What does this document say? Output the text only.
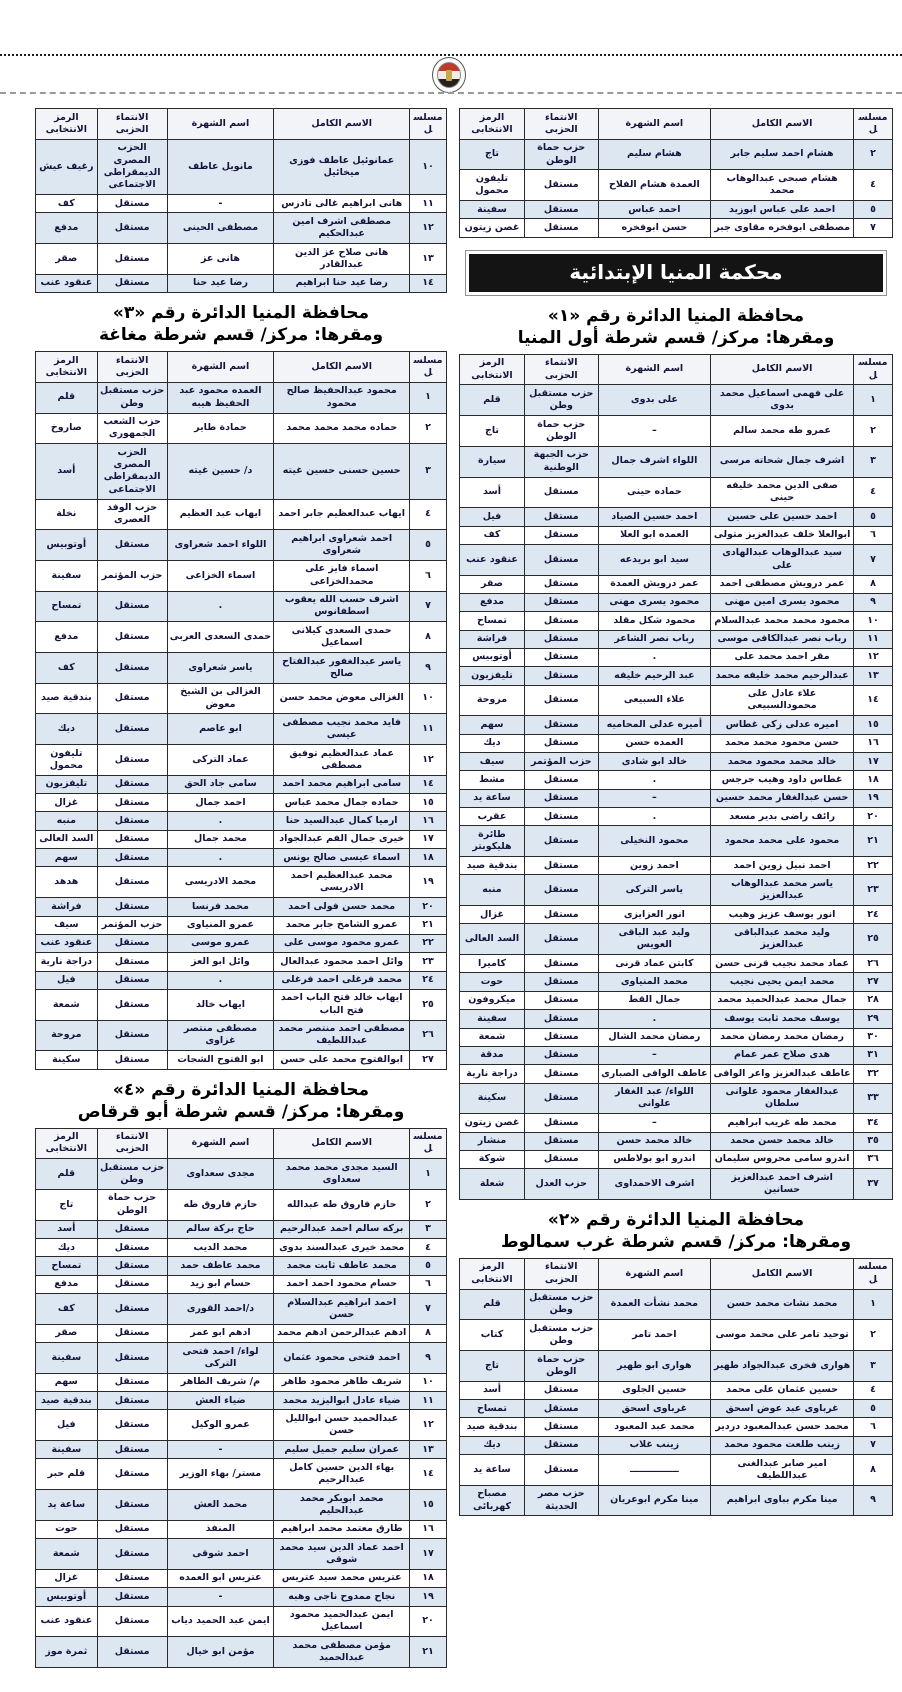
مسلسل	الاسم الكامل	اسم الشهرة	الانتماء الحزبى	الرمز الانتخابى
٢	هشام احمد سليم جابر	هشام سليم	حزب حماة الوطن	تاج
٤	هشام صبحى عبدالوهاب محمد	العمدة هشام الفلاح	مستقل	تليفون محمول
٥	احمد على عباس ابوزيد	احمد عباس	مستقل	سفينة
٧	مصطفى ابوفخره مقاوى جبر	حسن ابوفخره	مستقل	غصن زيتون
محكمة المنيا الإبتدائية
محافظة المنيا الدائرة رقم «١»
ومقرها: مركز/ قسم شرطة أول المنيا
مسلسل	الاسم الكامل	اسم الشهرة	الانتماء الحزبى	الرمز الانتخابى
١	على فهمى اسماعيل محمد بدوى	على بدوى	حزب مستقبل وطن	قلم
٢	عمرو طه محمد سالم	–	حزب حماة الوطن	تاج
٣	اشرف جمال شحاته مرسى	اللواء اشرف جمال	حزب الجبهة الوطنية	سيارة
٤	صفى الدين محمد خليفه حينى	حماده حينى	مستقل	أسد
٥	احمد حسين على حسين	احمد حسين الصياد	مستقل	فيل
٦	ابوالعلا خلف عبدالعزيز متولى	العمده ابو العلا	مستقل	كف
٧	سيد عبدالوهاب عبدالهادى على	سيد ابو بريدعه	مستقل	عنقود عنب
٨	عمر درويش مصطفى احمد	عمر درويش العمدة	مستقل	صقر
٩	محمود يسرى امين مهنى	محمود يسرى مهنى	مستقل	مدفع
١٠	محمود محمد محمد عبدالسلام	محمود شكل مقلد	مستقل	تمساح
١١	رباب نصر عبدالكافى موسى	رباب نصر الشاعر	مستقل	فراشة
١٢	مقر احمد محمد على	.	مستقل	أوتوبيس
١٣	عبدالرحيم محمد خليفه محمد	عبد الرحيم خليفه	مستقل	تليفزيون
١٤	علاء عادل على محمودالسبيعى	علاء السبيعى	مستقل	مروحة
١٥	اميره عدلى زكى غطاس	أميره عدلى المحاميه	مستقل	سهم
١٦	حسن محمود محمد محمد	العمده حسن	مستقل	ديك
١٧	خالد محمد محمود محمد	خالد ابو شادى	حزب المؤتمر	سيف
١٨	غطاس داود وهيب جرجس	.	مستقل	مشط
١٩	حسن عبدالغفار محمد حسين	–	مستقل	ساعة يد
٢٠	رائف راضى بدير مسعد	.	مستقل	عقرب
٢١	محمود على محمد محمود	محمود النخيلى	مستقل	طائرة هليكوبتر
٢٢	احمد نبيل زوين احمد	احمد زوين	مستقل	بندقية صيد
٢٣	ياسر محمد عبدالوهاب عبدالعزيز	ياسر التركى	مستقل	منبه
٢٤	انور يوسف عزيز وهيب	انور العزايزى	مستقل	غزال
٢٥	وليد محمد عبدالباقى عبدالعزيز	وليد عبد الباقى العويس	مستقل	السد العالى
٢٦	عماد محمد نجيب قرنى حسن	كابتن عماد قرنى	مستقل	كاميرا
٢٧	محمد ايمن يحيى نجيب	محمد المنياوى	مستقل	حوت
٢٨	جمال محمد عبدالحميد محمد	جمال القط	مستقل	ميكروفون
٢٩	يوسف محمد ثابت يوسف	.	مستقل	سفينة
٣٠	رمضان محمد رمضان محمد	رمضان محمد الشال	مستقل	شمعة
٣١	هدى صلاح عمر عمام	–	مستقل	مدقة
٣٢	عاطف عبدالعزيز واعر الوافى	عاطف الوافى الصبارى	مستقل	دراجة نارية
٣٣	عبدالغفار محمود علوانى سلطان	اللواء/ عبد الغفار علوانى	مستقل	سكينة
٣٤	محمد طه غريب ابراهيم	–	مستقل	غصن زيتون
٣٥	خالد محمد حسن محمد	خالد محمد حسن	مستقل	منشار
٣٦	اندرو سامى محروس سليمان	اندرو ابو بولاطس	مستقل	شوكة
٣٧	اشرف احمد عبدالعزيز حسانين	اشرف الاحمداوى	حزب العدل	شعلة
محافظة المنيا الدائرة رقم «٢»
ومقرها: مركز/ قسم شرطة غرب سمالوط
مسلسل	الاسم الكامل	اسم الشهرة	الانتماء الحزبى	الرمز الانتخابى
١	محمد نشات محمد حسن	محمد نشأت العمدة	حزب مستقبل وطن	قلم
٢	توحيد تامر على محمد موسى	احمد تامر	حزب مستقبل وطن	كتاب
٣	هوارى فخرى عبدالجواد طهير	هوارى ابو طهير	حزب حماة الوطن	تاج
٤	حسين عثمان على محمد	حسين الجلوى	مستقل	أسد
٥	غرباوى عبد عوض اسحق	غرباوى اسحق	مستقل	تمساح
٦	محمد حسن عبدالمعبود دردير	محمد عبد المعبود	مستقل	بندقية صيد
٧	زينب طلعت محمود محمد	زينب غلاب	مستقل	ديك
٨	امير صابر عبدالغنى عبداللطيف	ـــــــــــــــ	مستقل	ساعة يد
٩	مينا مكرم بباوى ابراهيم	مينا مكرم ابوعريان	حزب مصر الحديثة	مصباح كهربائى
مسلسل	الاسم الكامل	اسم الشهرة	الانتماء الحزبى	الرمز الانتخابى
١٠	عمانوئيل عاطف فوزى ميخائيل	مانويل عاطف	الحزب المصرى الديمقراطى الاجتماعى	رغيف عيش
١١	هانى ابراهيم غالى تادرس	-	مستقل	كف
١٢	مصطفى اشرف امين عبدالحكيم	مصطفى الحينى	مستقل	مدفع
١٣	هانى صلاح عز الدين عبدالقادر	هانى عز	مستقل	صقر
١٤	رضا عيد حنا ابراهيم	رضا عيد حنا	مستقل	عنقود عنب
محافظة المنيا الدائرة رقم «٣»
ومقرها: مركز/ قسم شرطة مغاغة
مسلسل	الاسم الكامل	اسم الشهرة	الانتماء الحزبى	الرمز الانتخابى
١	محمود عبدالحفيظ صالح محمود	العمده محمود عبد الحفيظ هيبه	حزب مستقبل وطن	قلم
٢	حماده محمد محمد محمد	حمادة طاير	حزب الشعب الجمهورى	صاروخ
٣	حسين حسنى حسين غيته	د/ حسين غيته	الحزب المصرى الديمقراطى الاجتماعى	أسد
٤	ايهاب عبدالعظيم جابر احمد	ايهاب عبد العظيم	حزب الوفد العصرى	نخلة
٥	احمد شعراوى ابراهيم شعراوى	اللواء احمد شعراوى	مستقل	أوتوبيس
٦	اسماء فايز على محمدالخزاعى	اسماء الخزاعى	حزب المؤتمر	سفينة
٧	اشرف حسب الله يعقوب اسطفانوس	.	مستقل	تمساح
٨	حمدى السعدى كيلانى اسماعيل	حمدى السعدى العربى	مستقل	مدفع
٩	ياسر عبدالغفور عبدالفتاح صالح	ياسر شعراوى	مستقل	كف
١٠	الغزالى معوض محمد حسن	الغزالى بن الشيخ معوض	مستقل	بندقية صيد
١١	فايد محمد نجيب مصطفى عيسى	ابو عاصم	مستقل	ديك
١٢	عماد عبدالعظيم توفيق مصطفى	عماد التركى	مستقل	تليفون محمول
١٤	سامى ابراهيم محمد احمد	سامى جاد الحق	مستقل	تليفزيون
١٥	حماده جمال محمد عباس	احمد جمال	مستقل	غزال
١٦	ارميا كمال عبدالسيد حنا	.	مستقل	منبه
١٧	خيرى جمال الفم عبدالجواد	محمد جمال	مستقل	السد العالى
١٨	اسماء عيسى صالح يونس	.	مستقل	سهم
١٩	محمد عبدالعظيم احمد الادريسى	محمد الادريسى	مستقل	هدهد
٢٠	محمد حسن فولى احمد	محمد فرنسا	مستقل	فراشة
٢١	عمرو الشامخ جابر محمد	عمرو المنياوى	حزب المؤتمر	سيف
٢٢	عمرو محمود موسى على	عمرو موسى	مستقل	عنقود عنب
٢٣	وائل احمد محمود عبدالعال	وائل ابو العز	مستقل	دراجة نارية
٢٤	محمد فرغلى احمد فرغلى	.	مستقل	فيل
٢٥	ايهاب خالد فتح الباب احمد فتح الباب	ايهاب خالد	مستقل	شمعة
٢٦	مصطفى احمد منتصر محمد عبداللطيف	مصطفى منتصر غزاوى	مستقل	مروحة
٢٧	ابوالفتوح محمد على حسن	ابو الفتوح الشحات	مستقل	سكينة
محافظة المنيا الدائرة رقم «٤»
ومقرها: مركز/ قسم شرطة أبو قرقاص
مسلسل	الاسم الكامل	اسم الشهرة	الانتماء الحزبى	الرمز الانتخابى
١	السيد مجدى محمد محمد سعداوى	مجدى سعداوى	حزب مستقبل وطن	قلم
٢	حازم فاروق طه عبدالله	حازم فاروق طه	حزب حماة الوطن	تاج
٣	بركه سالم احمد عبدالرحيم	حاج بركة سالم	مستقل	أسد
٤	محمد خيرى عبدالسند بدوى	محمد الديب	مستقل	ديك
٥	محمد عاطف ثابت محمد	محمد عاطف حمد	مستقل	تمساح
٦	حسام محمود احمد احمد	حسام ابو زيد	مستقل	مدفع
٧	احمد ابراهيم عبدالسلام حسن	د/احمد القورى	مستقل	كف
٨	ادهم عبدالرحمن ادهم محمد	ادهم ابو عمر	مستقل	صقر
٩	احمد فتحى محمود عثمان	لواء/ احمد فتحى التركى	مستقل	سفينة
١٠	شريف طاهر محمود طاهر	م/ شريف الطاهر	مستقل	سهم
١١	ضياء عادل ابواليزيد محمد	ضياء العش	مستقل	بندقية صيد
١٢	عبدالحميد حسن ابوالليل حسن	عمرو الوكيل	مستقل	فيل
١٣	عمران سليم جميل سليم	-	مستقل	سفينة
١٤	بهاء الدين حسين كامل عبدالرحيم	مستر/ بهاء الوزير	مستقل	قلم حبر
١٥	محمد ابوبكر محمد عبدالحليم	محمد العش	مستقل	ساعة يد
١٦	طارق معتمد محمد ابراهيم	المنفذ	مستقل	حوت
١٧	احمد عماد الدين سيد محمد شوقى	احمد شوقى	مستقل	شمعة
١٨	عتريس محمد سيد عتريس	عتريس ابو العمده	مستقل	غزال
١٩	نجاح ممدوح ناجى وهبه	-	مستقل	أوتوبيس
٢٠	ايمن عبدالحميد محمود اسماعيل	ايمن عبد الحميد دياب	مستقل	عنقود عنب
٢١	مؤمن مصطفى محمد عبدالحميد	مؤمن ابو خيال	مستقل	ثمرة موز
